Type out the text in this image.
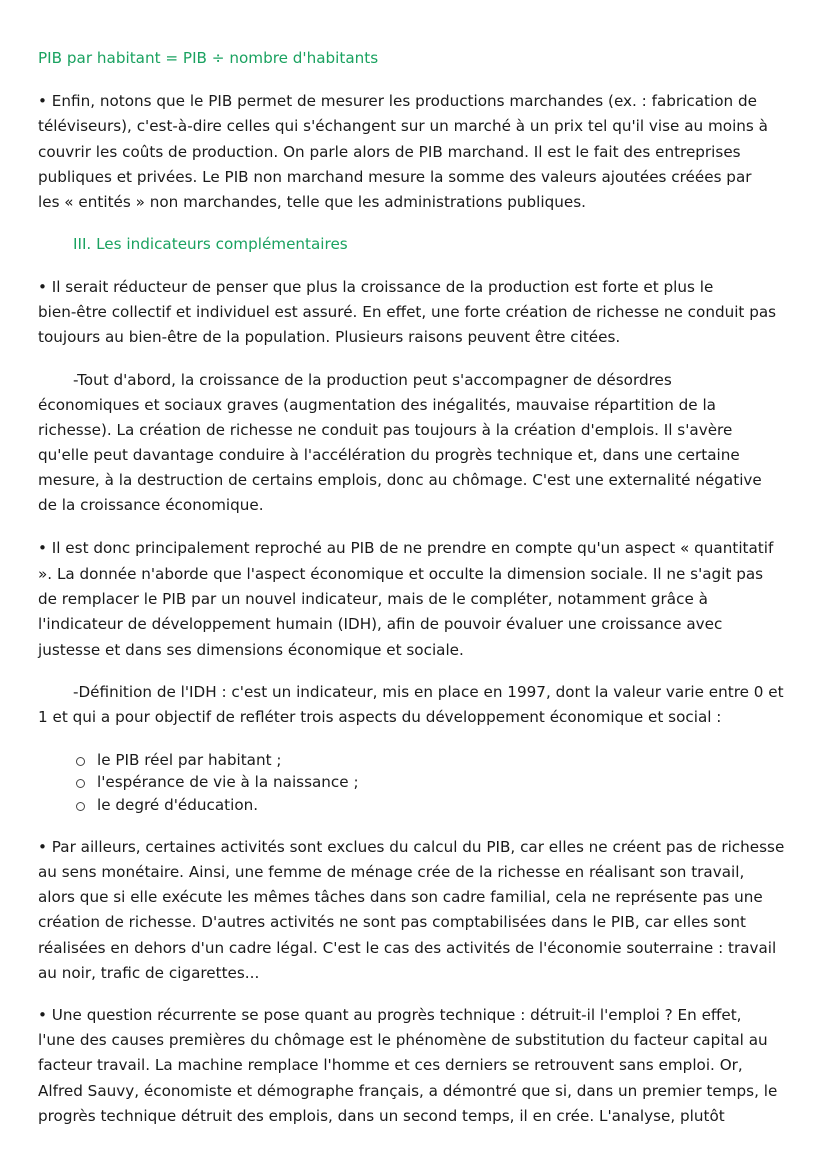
PIB par habitant = PIB ÷ nombre d'habitants
• Enfin, notons que le PIB permet de mesurer les productions marchandes (ex. : fabrication de
téléviseurs), c'est-à-dire celles qui s'échangent sur un marché à un prix tel qu'il vise au moins à
couvrir les coûts de production. On parle alors de PIB marchand. Il est le fait des entreprises
publiques et privées. Le PIB non marchand mesure la somme des valeurs ajoutées créées par
les « entités » non marchandes, telle que les administrations publiques.
III. Les indicateurs complémentaires
• Il serait réducteur de penser que plus la croissance de la production est forte et plus le
bien-être collectif et individuel est assuré. En effet, une forte création de richesse ne conduit pas
toujours au bien-être de la population. Plusieurs raisons peuvent être citées.
-Tout d'abord, la croissance de la production peut s'accompagner de désordres
économiques et sociaux graves (augmentation des inégalités, mauvaise répartition de la
richesse). La création de richesse ne conduit pas toujours à la création d'emplois. Il s'avère
qu'elle peut davantage conduire à l'accélération du progrès technique et, dans une certaine
mesure, à la destruction de certains emplois, donc au chômage. C'est une externalité négative
de la croissance économique.
• Il est donc principalement reproché au PIB de ne prendre en compte qu'un aspect « quantitatif
». La donnée n'aborde que l'aspect économique et occulte la dimension sociale. Il ne s'agit pas
de remplacer le PIB par un nouvel indicateur, mais de le compléter, notamment grâce à
l'indicateur de développement humain (IDH), afin de pouvoir évaluer une croissance avec
justesse et dans ses dimensions économique et sociale.
-Définition de l'IDH : c'est un indicateur, mis en place en 1997, dont la valeur varie entre 0 et
1 et qui a pour objectif de refléter trois aspects du développement économique et social :
le PIB réel par habitant ;
l'espérance de vie à la naissance ;
le degré d'éducation.
• Par ailleurs, certaines activités sont exclues du calcul du PIB, car elles ne créent pas de richesse
au sens monétaire. Ainsi, une femme de ménage crée de la richesse en réalisant son travail,
alors que si elle exécute les mêmes tâches dans son cadre familial, cela ne représente pas une
création de richesse. D'autres activités ne sont pas comptabilisées dans le PIB, car elles sont
réalisées en dehors d'un cadre légal. C'est le cas des activités de l'économie souterraine : travail
au noir, trafic de cigarettes...
• Une question récurrente se pose quant au progrès technique : détruit-il l'emploi ? En effet,
l'une des causes premières du chômage est le phénomène de substitution du facteur capital au
facteur travail. La machine remplace l'homme et ces derniers se retrouvent sans emploi. Or,
Alfred Sauvy, économiste et démographe français, a démontré que si, dans un premier temps, le
progrès technique détruit des emplois, dans un second temps, il en crée. L'analyse, plutôt
